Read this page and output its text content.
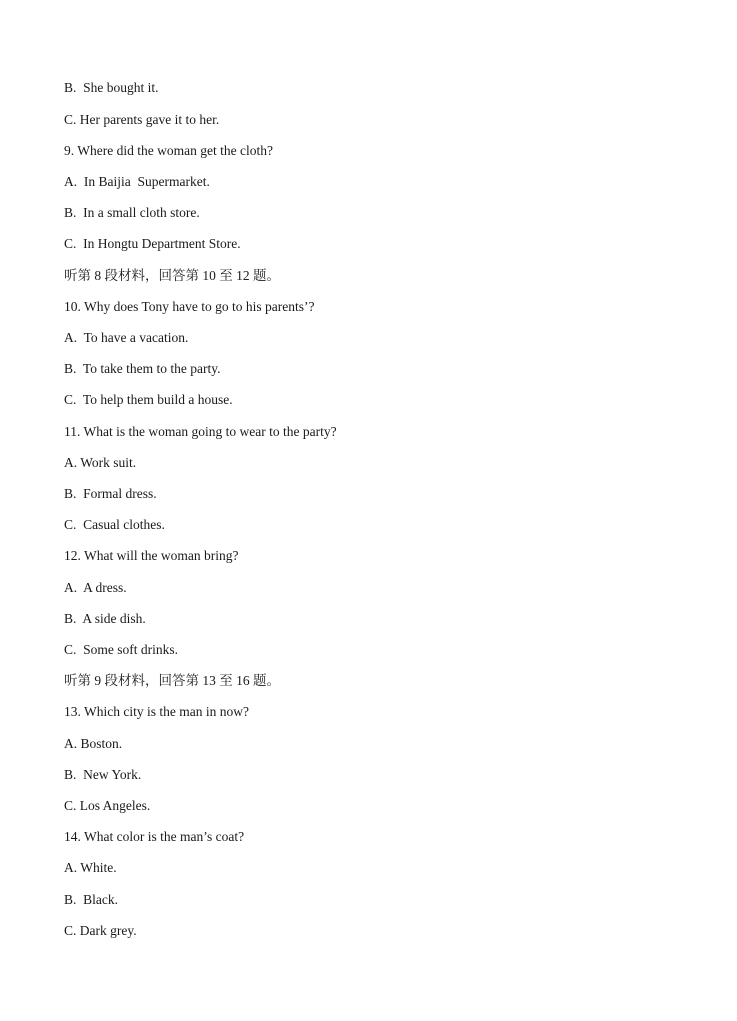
B.  She bought it.

C. Her parents gave it to her.

9. Where did the woman get the cloth?

A.  In Baijia  Supermarket.

B.  In a small cloth store.

C.  In Hongtu Department Store.

听第 8 段材料，回答第 10 至 12 题。

10. Why does Tony have to go to his parents’?

A.  To have a vacation.

B.  To take them to the party.

C.  To help them build a house.

11. What is the woman going to wear to the party?

A. Work suit.

B.  Formal dress.

C.  Casual clothes.

12. What will the woman bring?

A.  A dress.

B.  A side dish.

C.  Some soft drinks.

听第 9 段材料，回答第 13 至 16 题。

13. Which city is the man in now?

A. Boston.

B.  New York.

C. Los Angeles.

14. What color is the man’s coat?

A. White.

B.  Black.

C. Dark grey.
